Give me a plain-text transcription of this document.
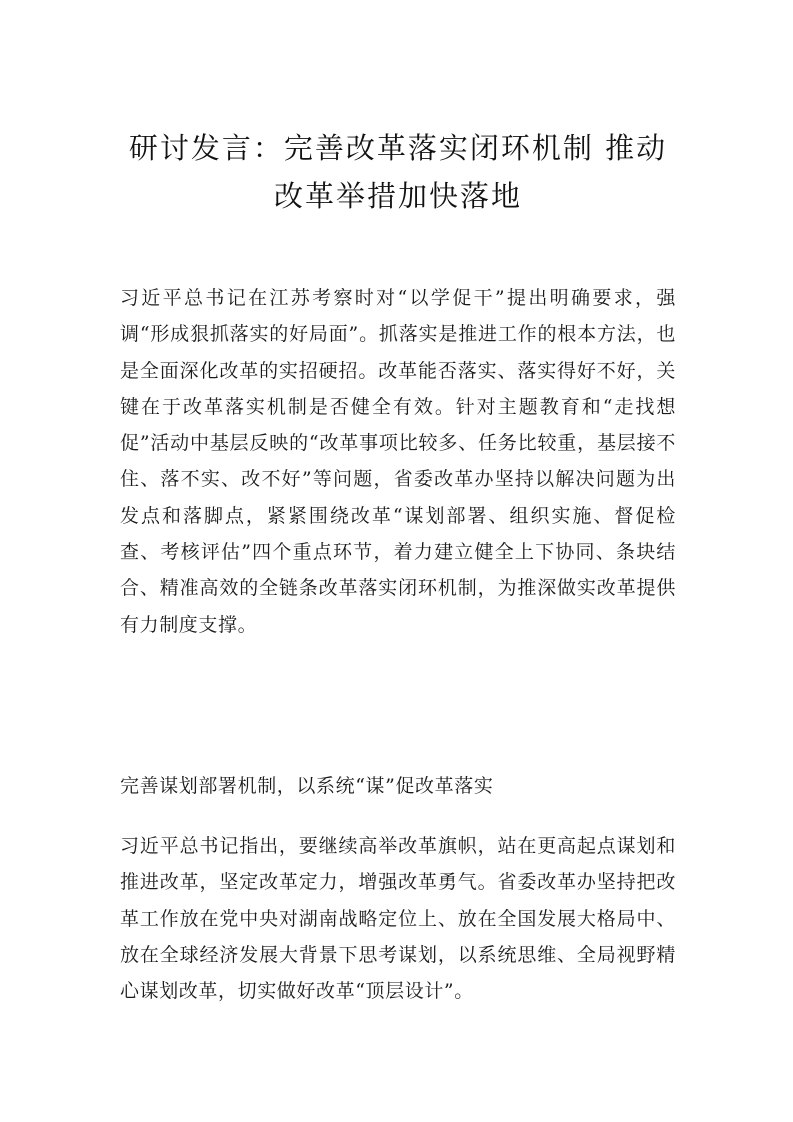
研讨发言：完善改革落实闭环机制 推动改革举措加快落地

习近平总书记在江苏考察时对“以学促干”提出明确要求，强调“形成狠抓落实的好局面”。抓落实是推进工作的根本方法，也是全面深化改革的实招硬招。改革能否落实、落实得好不好，关键在于改革落实机制是否健全有效。针对主题教育和“走找想促”活动中基层反映的“改革事项比较多、任务比较重，基层接不住、落不实、改不好”等问题，省委改革办坚持以解决问题为出发点和落脚点，紧紧围绕改革“谋划部署、组织实施、督促检查、考核评估”四个重点环节，着力建立健全上下协同、条块结合、精准高效的全链条改革落实闭环机制，为推深做实改革提供有力制度支撑。

完善谋划部署机制，以系统“谋”促改革落实

习近平总书记指出，要继续高举改革旗帜，站在更高起点谋划和推进改革，坚定改革定力，增强改革勇气。省委改革办坚持把改革工作放在党中央对湖南战略定位上、放在全国发展大格局中、放在全球经济发展大背景下思考谋划，以系统思维、全局视野精心谋划改革，切实做好改革“顶层设计”。
